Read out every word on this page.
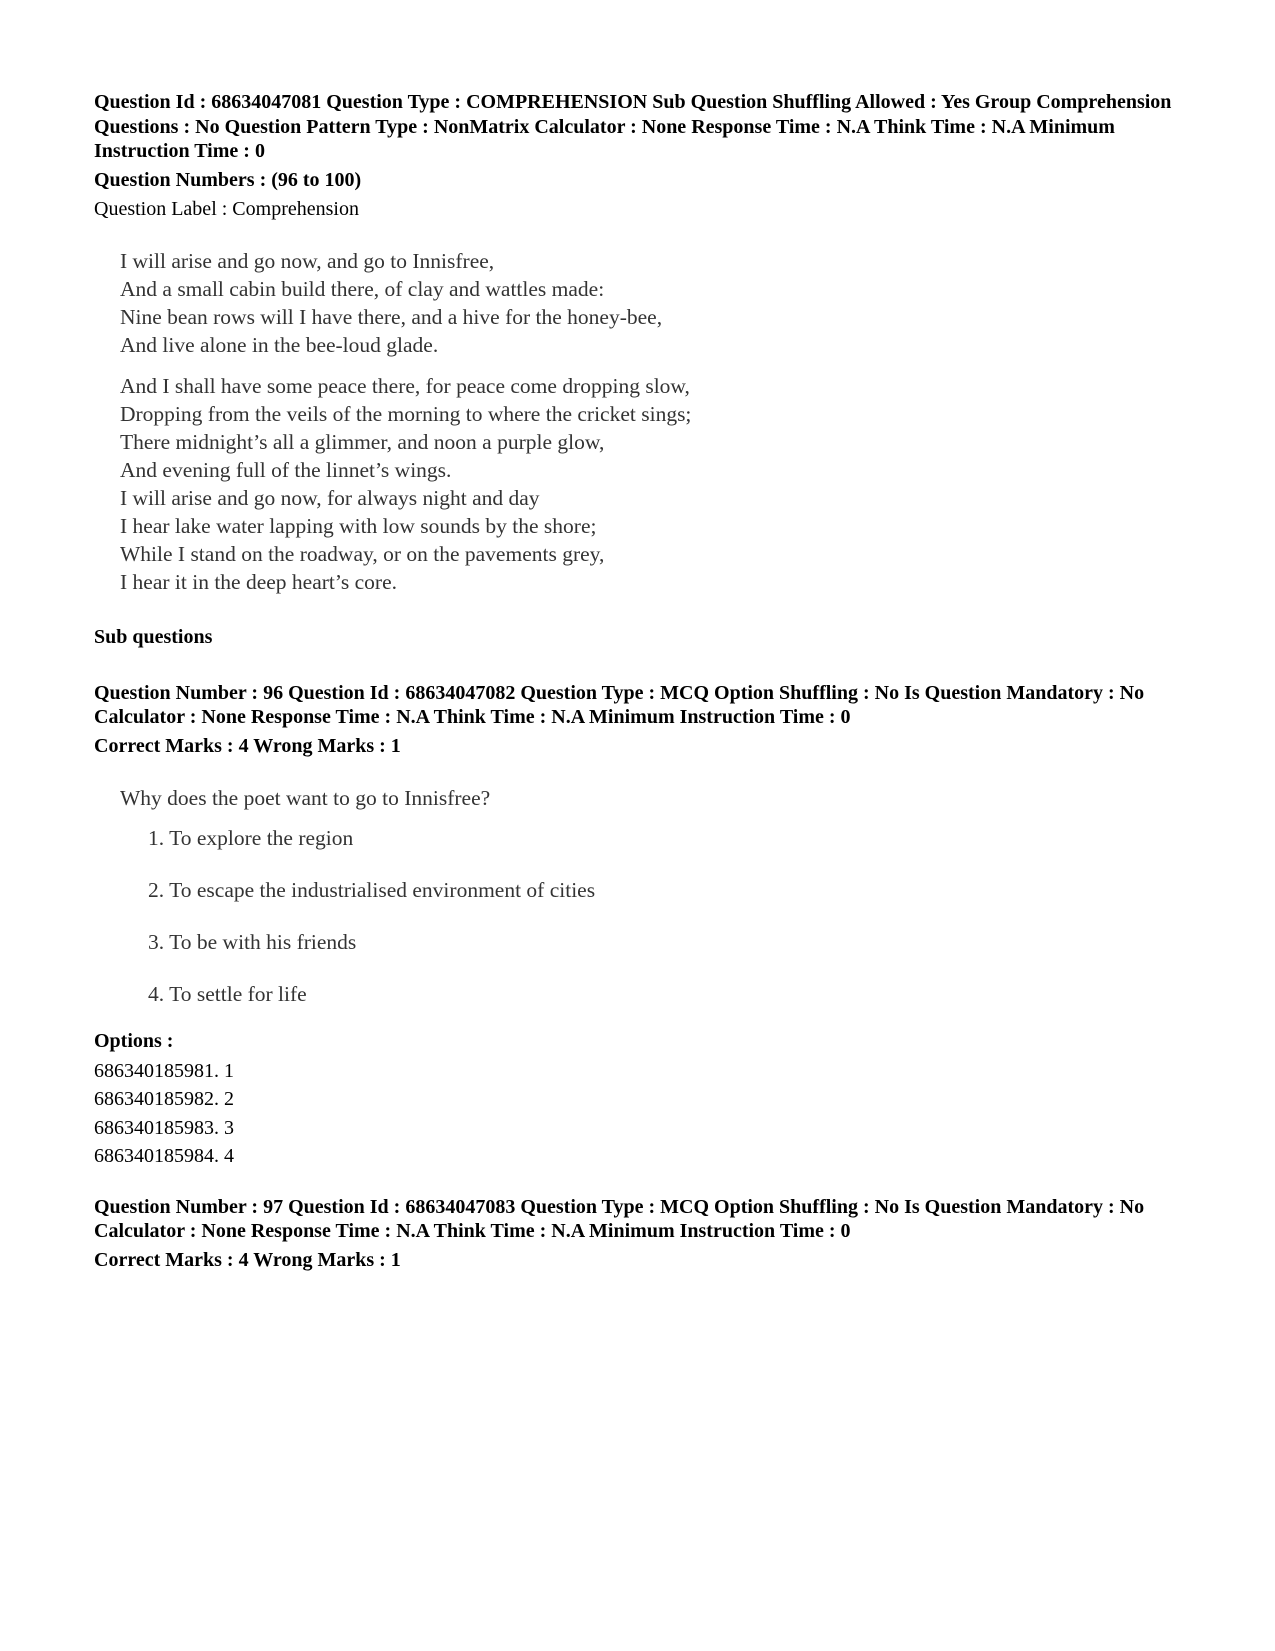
Question Id : 68634047081 Question Type : COMPREHENSION Sub Question Shuffling Allowed : Yes Group Comprehension Questions : No Question Pattern Type : NonMatrix Calculator : None Response Time : N.A Think Time : N.A Minimum Instruction Time : 0

Question Numbers : (96 to 100)

Question Label : Comprehension

I will arise and go now, and go to Innisfree,
And a small cabin build there, of clay and wattles made:
Nine bean rows will I have there, and a hive for the honey-bee,
And live alone in the bee-loud glade.
And I shall have some peace there, for peace come dropping slow,
Dropping from the veils of the morning to where the cricket sings;
There midnight’s all a glimmer, and noon a purple glow,
And evening full of the linnet’s wings.
I will arise and go now, for always night and day
I hear lake water lapping with low sounds by the shore;
While I stand on the roadway, or on the pavements grey,
I hear it in the deep heart’s core.

Sub questions

Question Number : 96 Question Id : 68634047082 Question Type : MCQ Option Shuffling : No Is Question Mandatory : No Calculator : None Response Time : N.A Think Time : N.A Minimum Instruction Time : 0

Correct Marks : 4 Wrong Marks : 1

Why does the poet want to go to Innisfree?
1. To explore the region
2. To escape the industrialised environment of cities
3. To be with his friends
4. To settle for life

Options :

686340185981. 1
686340185982. 2
686340185983. 3
686340185984. 4

Question Number : 97 Question Id : 68634047083 Question Type : MCQ Option Shuffling : No Is Question Mandatory : No Calculator : None Response Time : N.A Think Time : N.A Minimum Instruction Time : 0

Correct Marks : 4 Wrong Marks : 1
